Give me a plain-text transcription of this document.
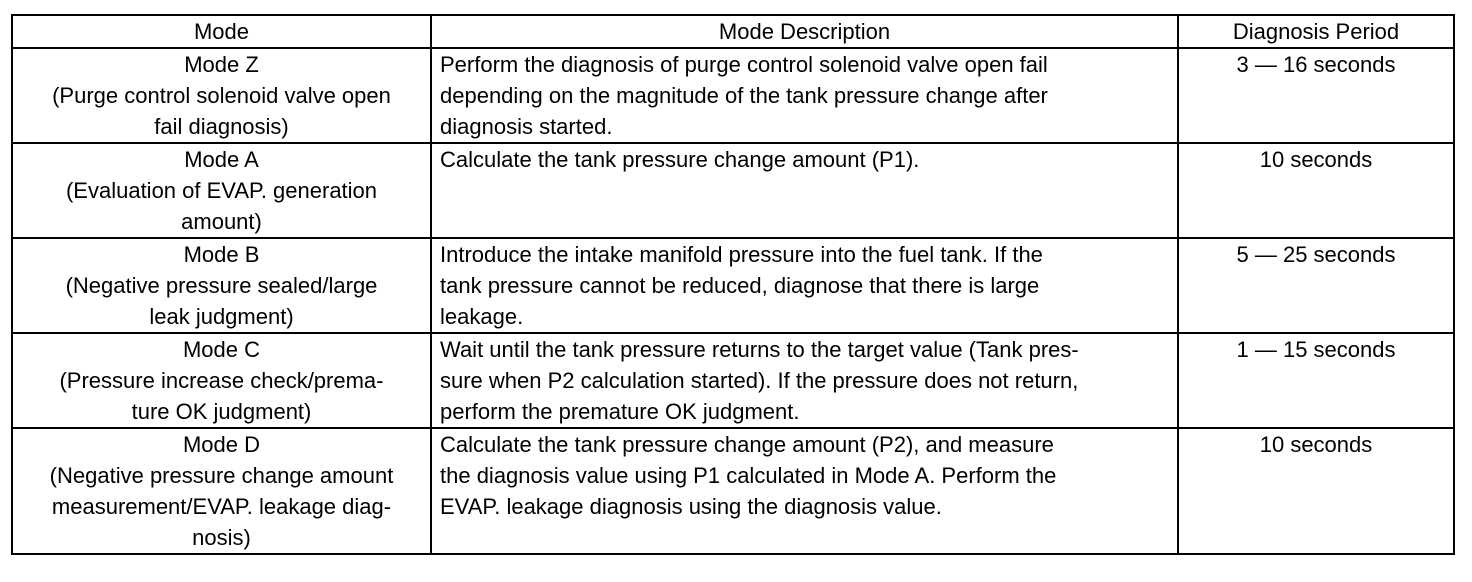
Mode	Mode Description	Diagnosis Period
Mode Z
(Purge control solenoid valve open
fail diagnosis)	Perform the diagnosis of purge control solenoid valve open fail
depending on the magnitude of the tank pressure change after
diagnosis started.	3 — 16 seconds
Mode A
(Evaluation of EVAP. generation
amount)	Calculate the tank pressure change amount (P1).	10 seconds
Mode B
(Negative pressure sealed/large
leak judgment)	Introduce the intake manifold pressure into the fuel tank. If the
tank pressure cannot be reduced, diagnose that there is large
leakage.	5 — 25 seconds
Mode C
(Pressure increase check/prema-
ture OK judgment)	Wait until the tank pressure returns to the target value (Tank pres-
sure when P2 calculation started). If the pressure does not return,
perform the premature OK judgment.	1 — 15 seconds
Mode D
(Negative pressure change amount
measurement/EVAP. leakage diag-
nosis)	Calculate the tank pressure change amount (P2), and measure
the diagnosis value using P1 calculated in Mode A. Perform the
EVAP. leakage diagnosis using the diagnosis value.	10 seconds
